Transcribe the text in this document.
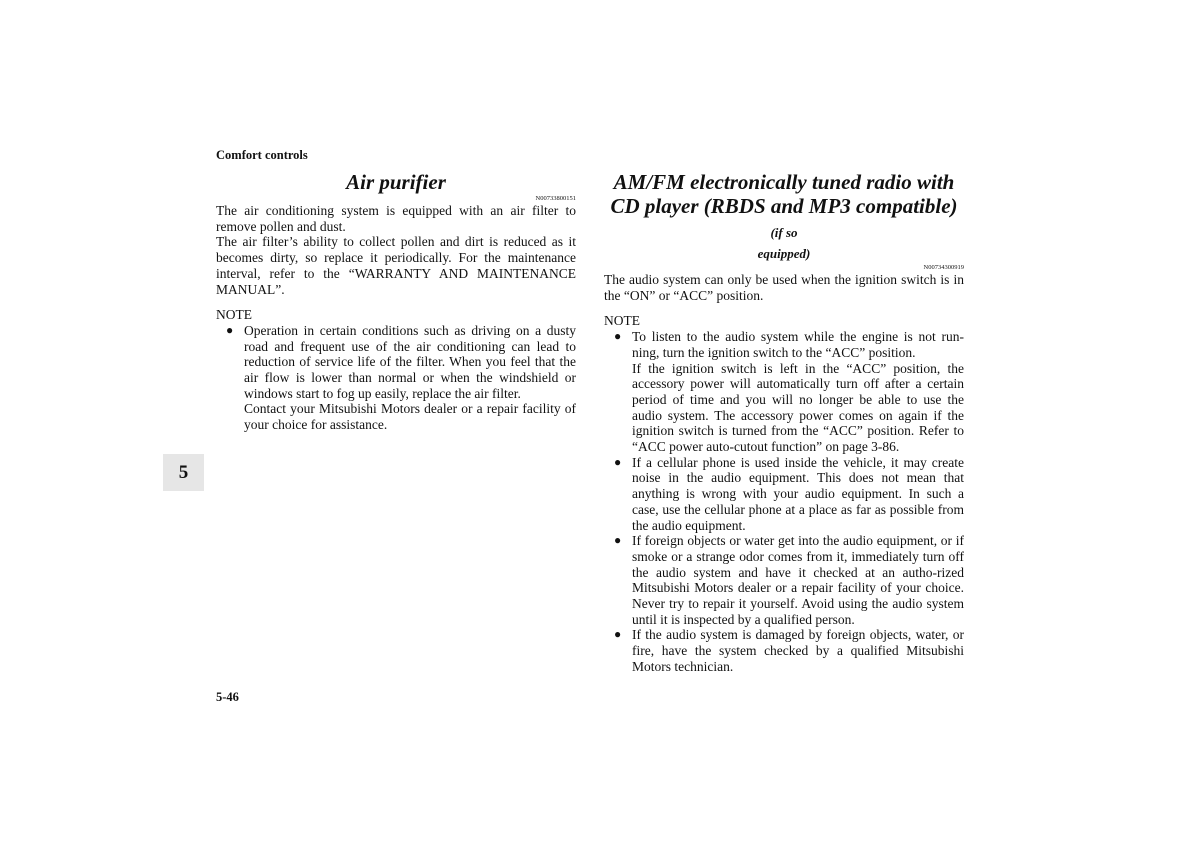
Comfort controls
Air purifier

N00733800151

The air conditioning system is equipped with an air filter to remove pollen and dust.

The air filter’s ability to collect pollen and dirt is reduced as it becomes dirty, so replace it periodically. For the maintenance interval, refer to the “WARRANTY AND MAINTENANCE MANUAL”.

NOTE

● Operation in certain conditions such as driving on a dusty road and frequent use of the air conditioning can lead to reduction of service life of the filter. When you feel that the air flow is lower than normal or when the windshield or windows start to fog up easily, replace the air filter.
Contact your Mitsubishi Motors dealer or a repair facility of your choice for assistance.
AM/FM electronically tuned radio with CD player (RBDS and MP3 compatible) (if so
equipped)

N00734300919

The audio system can only be used when the ignition switch is in the “ON” or “ACC” position.

NOTE

● To listen to the audio system while the engine is not run-ning, turn the ignition switch to the “ACC” position.
If the ignition switch is left in the “ACC” position, the accessory power will automatically turn off after a certain period of time and you will no longer be able to use the audio system. The accessory power comes on again if the ignition switch is turned from the “ACC” position. Refer to “ACC power auto-cutout function” on page 3-86.
● If a cellular phone is used inside the vehicle, it may create noise in the audio equipment. This does not mean that anything is wrong with your audio equipment. In such a case, use the cellular phone at a place as far as possible from the audio equipment.
● If foreign objects or water get into the audio equipment, or if smoke or a strange odor comes from it, immediately turn off the audio system and have it checked at an autho-rized Mitsubishi Motors dealer or a repair facility of your choice. Never try to repair it yourself. Avoid using the audio system until it is inspected by a qualified person.
● If the audio system is damaged by foreign objects, water, or fire, have the system checked by a qualified Mitsubishi Motors technician.
5
5-46
